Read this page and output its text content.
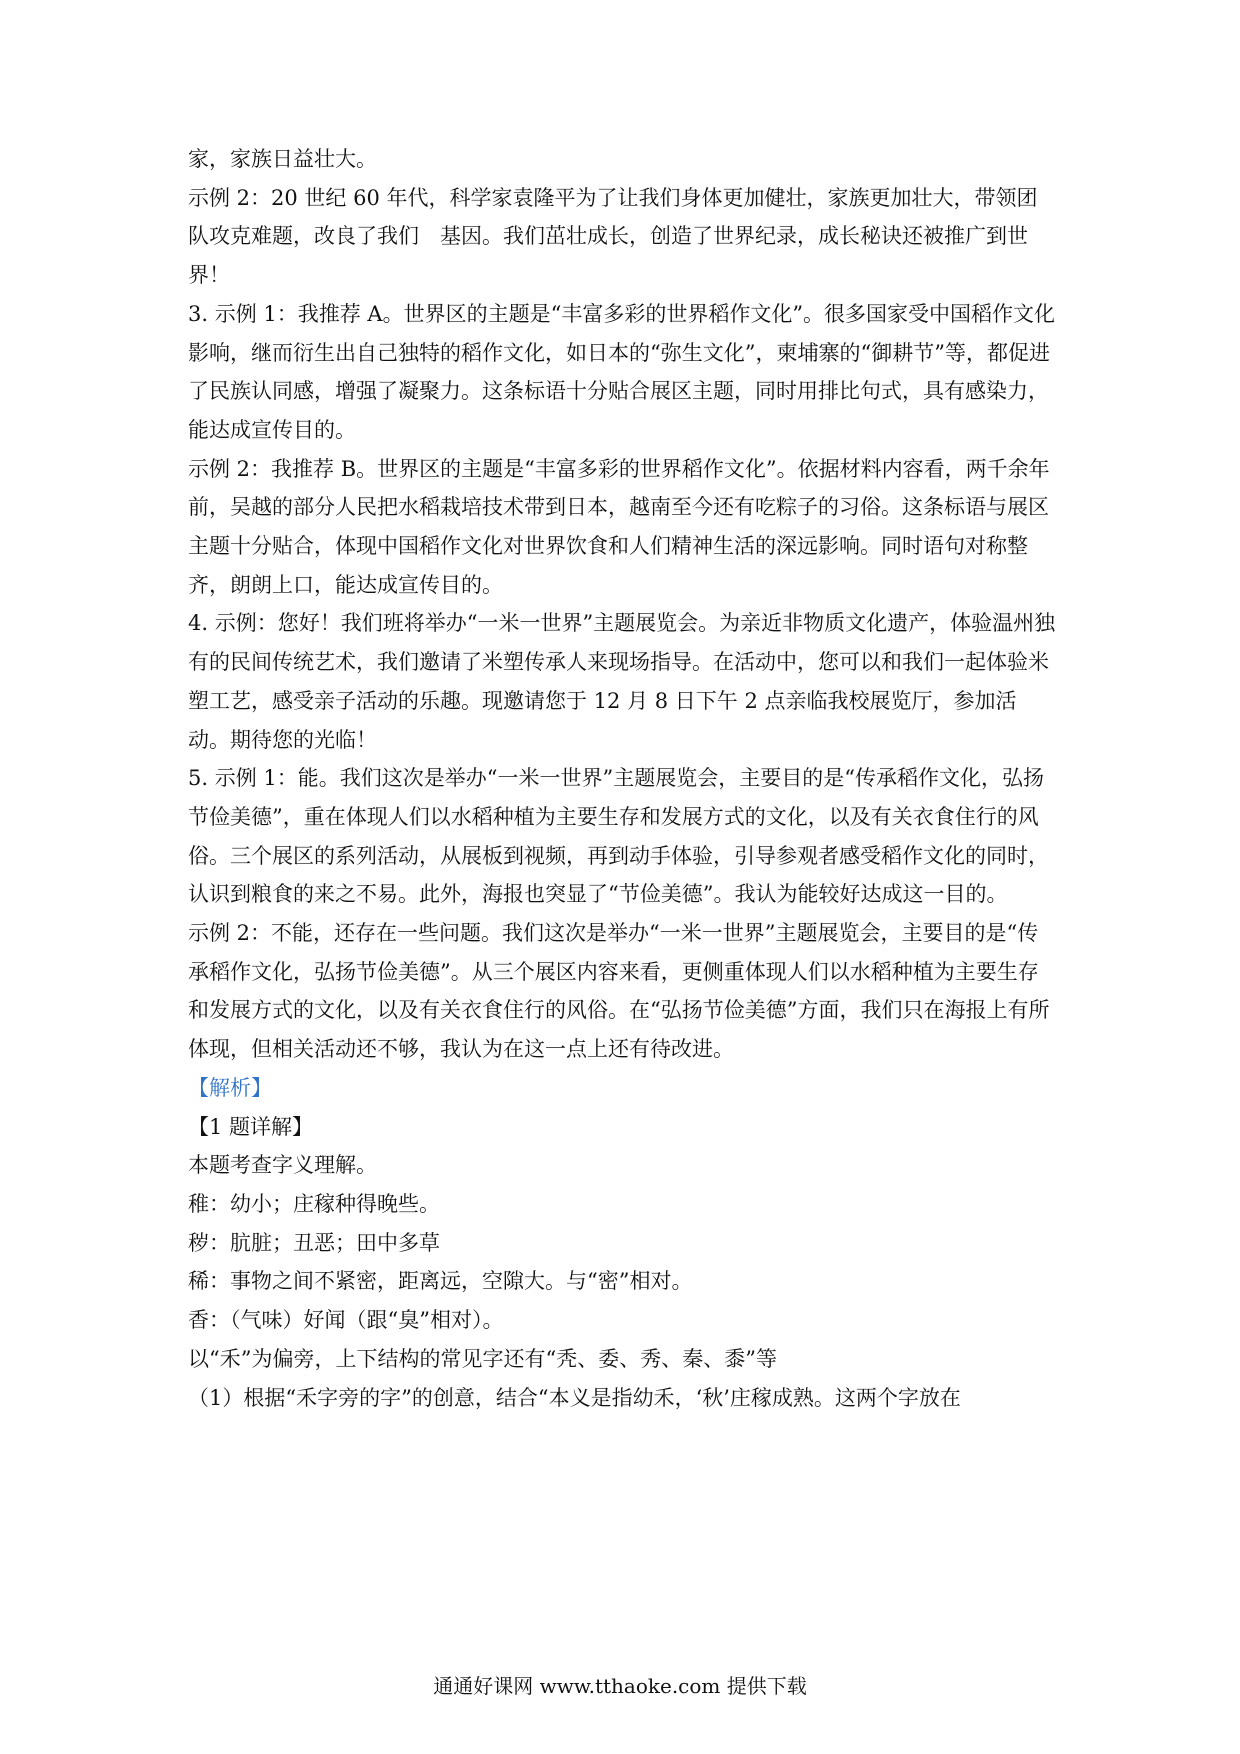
家，家族日益壮大。

示例 2：20 世纪 60 年代，科学家袁隆平为了让我们身体更加健壮，家族更加壮大，带领团队攻克难题，改良了我们　基因。我们茁壮成长，创造了世界纪录，成长秘诀还被推广到世界！

3. 示例 1：我推荐 A。世界区的主题是“丰富多彩的世界稻作文化”。很多国家受中国稻作文化影响，继而衍生出自己独特的稻作文化，如日本的“弥生文化”，柬埔寨的“御耕节”等，都促进了民族认同感，增强了凝聚力。这条标语十分贴合展区主题，同时用排比句式，具有感染力，能达成宣传目的。

示例 2：我推荐 B。世界区的主题是“丰富多彩的世界稻作文化”。依据材料内容看，两千余年前，吴越的部分人民把水稻栽培技术带到日本，越南至今还有吃粽子的习俗。这条标语与展区主题十分贴合，体现中国稻作文化对世界饮食和人们精神生活的深远影响。同时语句对称整齐，朗朗上口，能达成宣传目的。

4. 示例：您好！我们班将举办“一米一世界”主题展览会。为亲近非物质文化遗产，体验温州独有的民间传统艺术，我们邀请了米塑传承人来现场指导。在活动中，您可以和我们一起体验米塑工艺，感受亲子活动的乐趣。现邀请您于 12 月 8 日下午 2 点亲临我校展览厅，参加活动。期待您的光临！

5. 示例 1：能。我们这次是举办“一米一世界”主题展览会，主要目的是“传承稻作文化，弘扬节俭美德”，重在体现人们以水稻种植为主要生存和发展方式的文化，以及有关衣食住行的风俗。三个展区的系列活动，从展板到视频，再到动手体验，引导参观者感受稻作文化的同时，认识到粮食的来之不易。此外，海报也突显了“节俭美德”。我认为能较好达成这一目的。

示例 2：不能，还存在一些问题。我们这次是举办“一米一世界”主题展览会，主要目的是“传承稻作文化，弘扬节俭美德”。从三个展区内容来看，更侧重体现人们以水稻种植为主要生存和发展方式的文化，以及有关衣食住行的风俗。在“弘扬节俭美德”方面，我们只在海报上有所体现，但相关活动还不够，我认为在这一点上还有待改进。

【解析】

【1 题详解】

本题考查字义理解。

稚：幼小；庄稼种得晚些。

秽：肮脏；丑恶；田中多草

稀：事物之间不紧密，距离远，空隙大。与“密”相对。

香：（气味）好闻（跟“臭”相对）。

以“禾”为偏旁，上下结构的常见字还有“秃、委、秀、秦、黍”等

（1）根据“禾字旁的字”的创意，结合“本义是指幼禾，‘秋’庄稼成熟。这两个字放在

通通好课网 www.tthaoke.com 提供下载
